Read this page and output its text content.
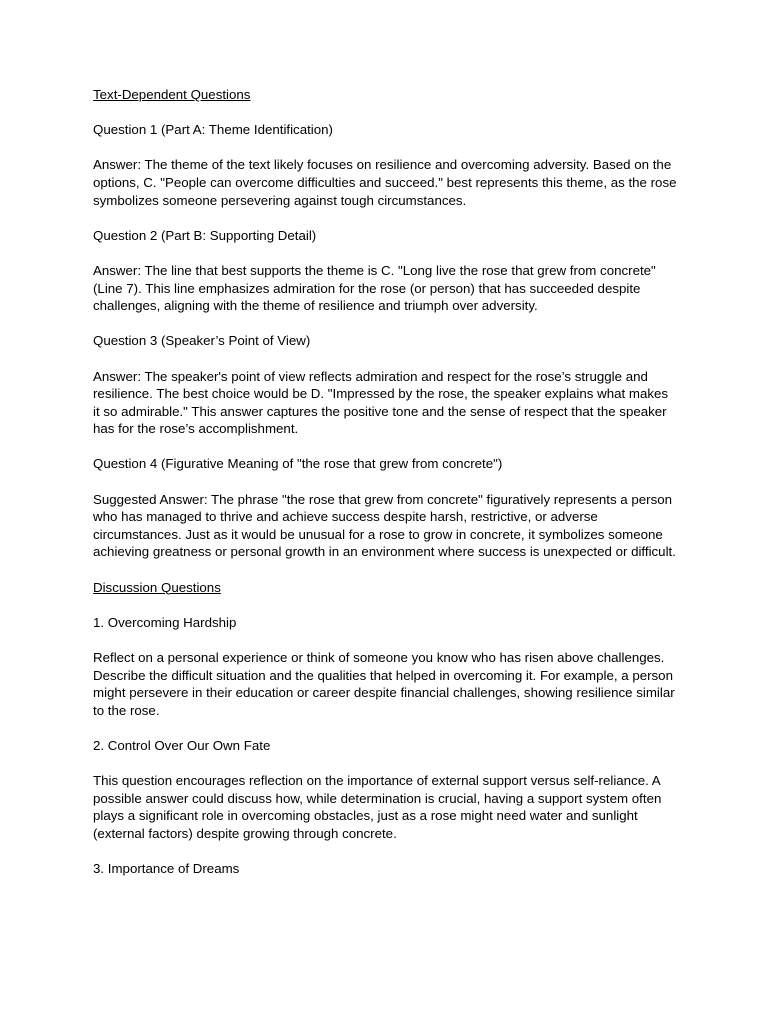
Text-Dependent Questions

Question 1 (Part A: Theme Identification)

Answer: The theme of the text likely focuses on resilience and overcoming adversity. Based on the options, C. "People can overcome difficulties and succeed." best represents this theme, as the rose symbolizes someone persevering against tough circumstances.

Question 2 (Part B: Supporting Detail)

Answer: The line that best supports the theme is C. "Long live the rose that grew from concrete" (Line 7). This line emphasizes admiration for the rose (or person) that has succeeded despite challenges, aligning with the theme of resilience and triumph over adversity.

Question 3 (Speaker’s Point of View)

Answer: The speaker's point of view reflects admiration and respect for the rose’s struggle and resilience. The best choice would be D. "Impressed by the rose, the speaker explains what makes it so admirable." This answer captures the positive tone and the sense of respect that the speaker has for the rose’s accomplishment.

Question 4 (Figurative Meaning of "the rose that grew from concrete")

Suggested Answer: The phrase "the rose that grew from concrete" figuratively represents a person who has managed to thrive and achieve success despite harsh, restrictive, or adverse circumstances. Just as it would be unusual for a rose to grow in concrete, it symbolizes someone achieving greatness or personal growth in an environment where success is unexpected or difficult.

Discussion Questions

1. Overcoming Hardship

Reflect on a personal experience or think of someone you know who has risen above challenges. Describe the difficult situation and the qualities that helped in overcoming it. For example, a person might persevere in their education or career despite financial challenges, showing resilience similar to the rose.

2. Control Over Our Own Fate

This question encourages reflection on the importance of external support versus self-reliance. A possible answer could discuss how, while determination is crucial, having a support system often plays a significant role in overcoming obstacles, just as a rose might need water and sunlight (external factors) despite growing through concrete.

3. Importance of Dreams
